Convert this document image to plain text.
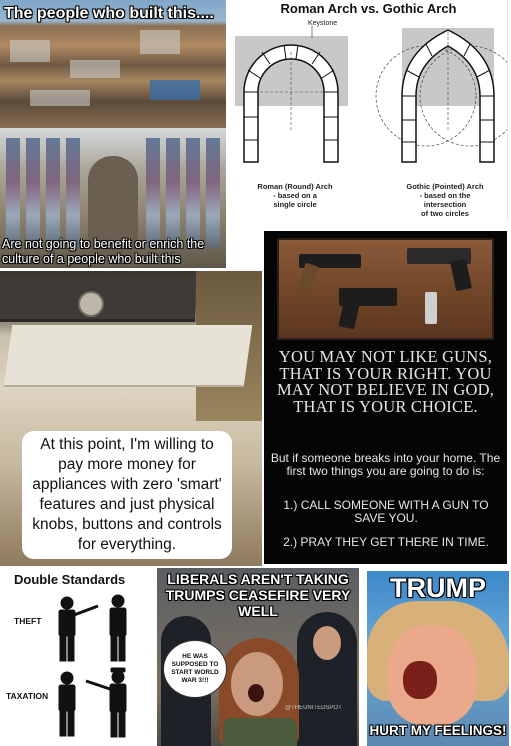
The people who built this....
Are not going to benefit or enrich the culture of a people who built this
Roman Arch vs. Gothic Arch
Keystone
Roman (Round) Arch
- based on a
single circle
Gothic (Pointed) Arch
- based on the
intersection
of two circles
At this point, I'm willing to pay more money for appliances with zero 'smart' features and just physical knobs, buttons and controls for everything.
YOU MAY NOT LIKE GUNS, THAT IS YOUR RIGHT. YOU MAY NOT BELIEVE IN GOD, THAT IS YOUR CHOICE.
But if someone breaks into your home. The first two things you are going to do is:
1.) CALL SOMEONE WITH A GUN TO SAVE YOU.
2.) PRAY THEY GET THERE IN TIME.
Double Standards
THEFT
TAXATION
LIBERALS AREN'T TAKING TRUMPS CEASEFIRE VERY WELL
HE WAS SUPPOSED TO START WORLD WAR 3!!!
@THEUNITEDSPOT
TRUMP
HURT MY FEELINGS!
